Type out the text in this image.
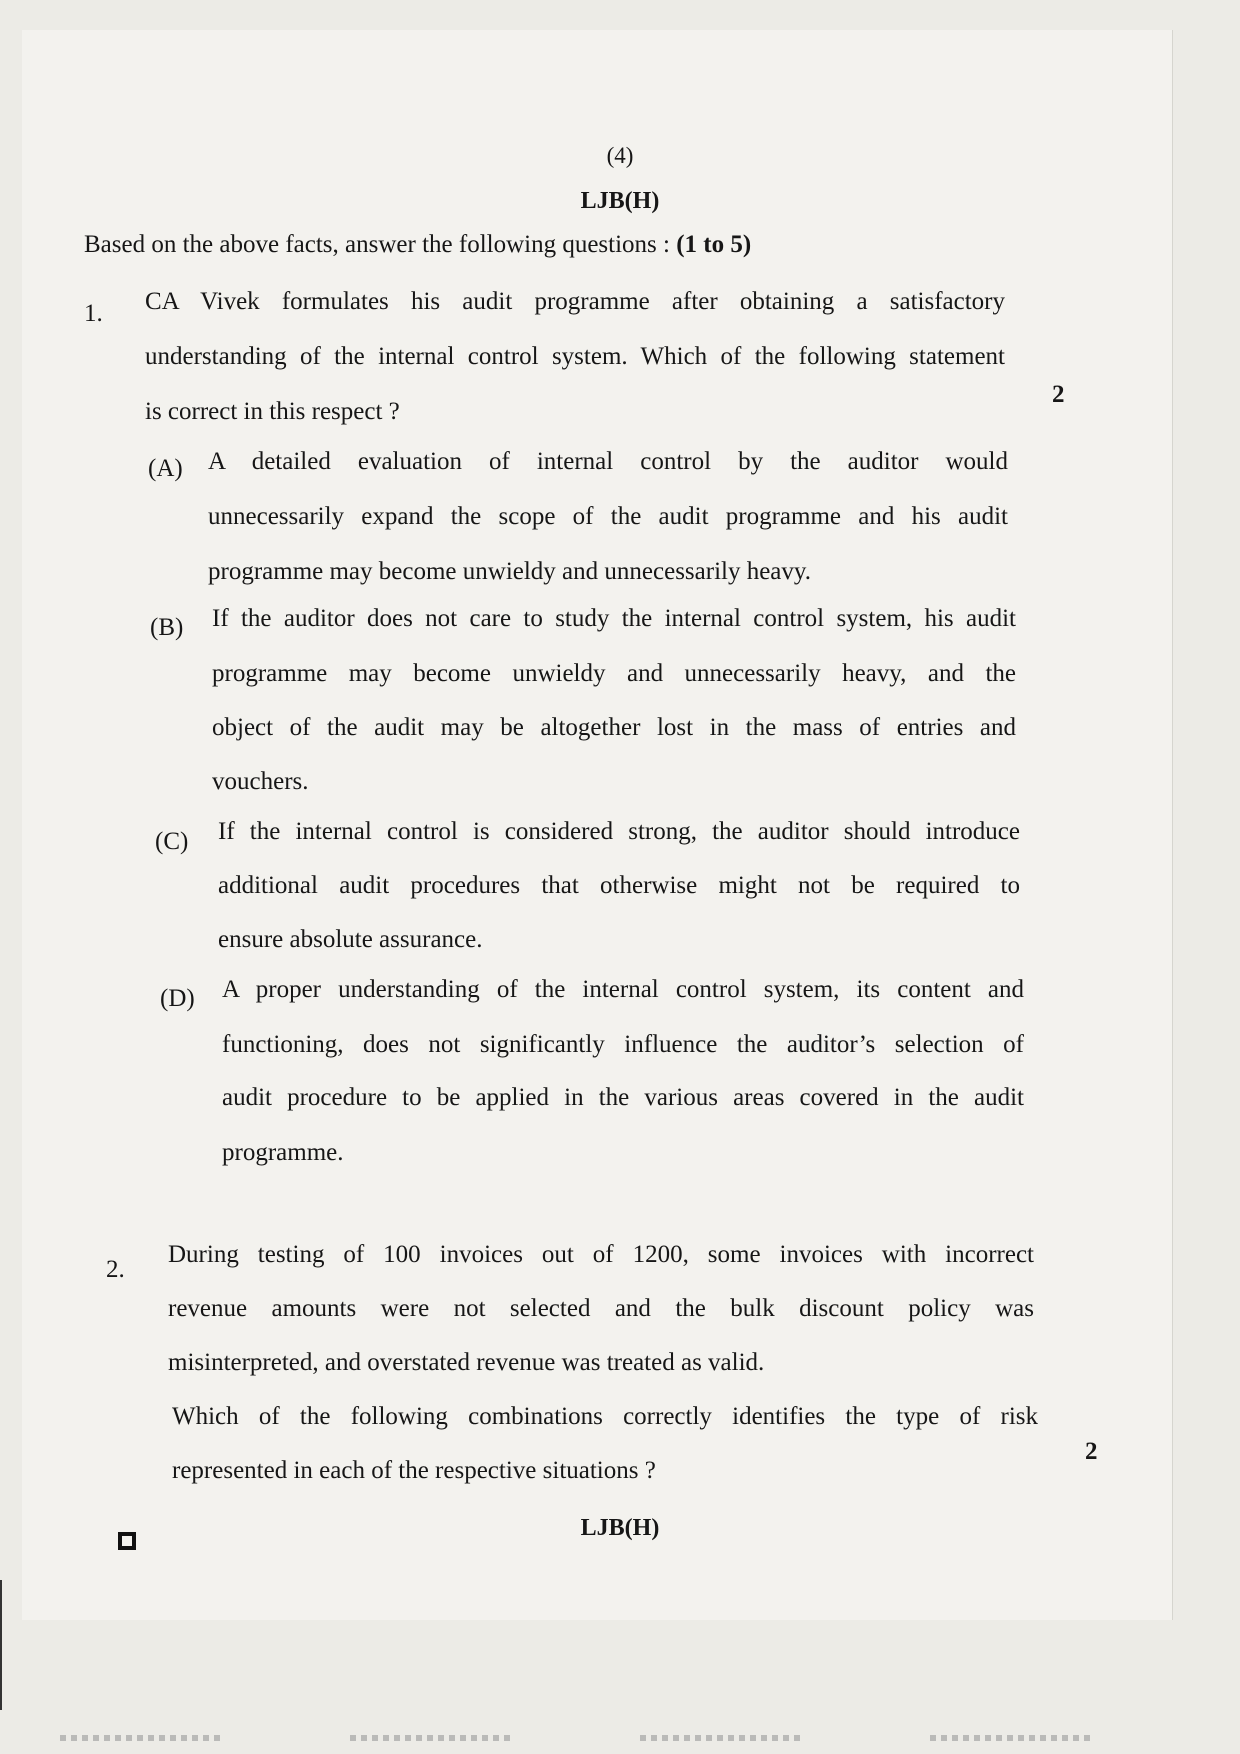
(4)

LJB(H)

Based on the above facts, answer the following questions : (1 to 5)

1. CA Vivek formulates his audit programme after obtaining a satisfactory

understanding of the internal control system. Which of the following statement

is correct in this respect ?

2

(A) A detailed evaluation of internal control by the auditor would

unnecessarily expand the scope of the audit programme and his audit

programme may become unwieldy and unnecessarily heavy.

(B) If the auditor does not care to study the internal control system, his audit

programme may become unwieldy and unnecessarily heavy, and the

object of the audit may be altogether lost in the mass of entries and

vouchers.

(C) If the internal control is considered strong, the auditor should introduce

additional audit procedures that otherwise might not be required to

ensure absolute assurance.

(D) A proper understanding of the internal control system, its content and

functioning, does not significantly influence the auditor’s selection of

audit procedure to be applied in the various areas covered in the audit

programme.

2.

During testing of 100 invoices out of 1200, some invoices with incorrect

revenue amounts were not selected and the bulk discount policy was

misinterpreted, and overstated revenue was treated as valid.

Which of the following combinations correctly identifies the type of risk

represented in each of the respective situations ?

2

LJB(H)
